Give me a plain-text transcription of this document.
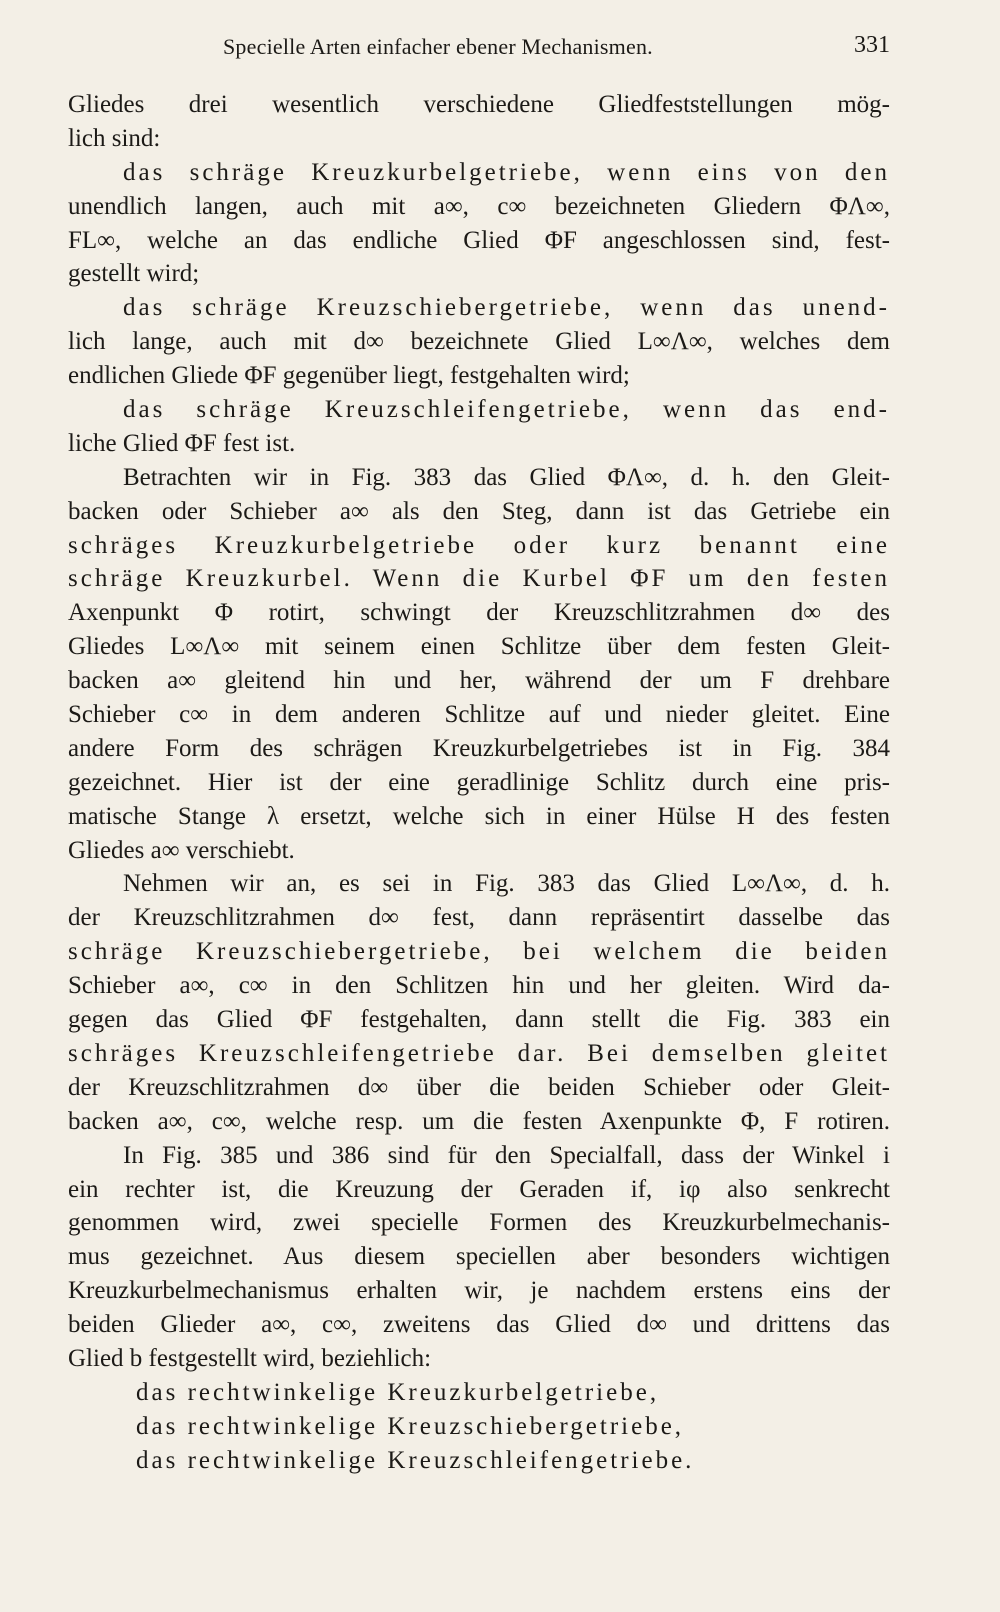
Specielle Arten einfacher ebener Mechanismen.	331
Gliedes drei wesentlich verschiedene Gliedfeststellungen mög-
lich sind:
das schräge Kreuzkurbelgetriebe, wenn eins von den
unendlich langen, auch mit a∞, c∞ bezeichneten Gliedern ΦΛ∞,
FL∞, welche an das endliche Glied ΦF angeschlossen sind, fest-
gestellt wird;
das schräge Kreuzschiebergetriebe, wenn das unend-
lich lange, auch mit d∞ bezeichnete Glied L∞Λ∞, welches dem
endlichen Gliede ΦF gegenüber liegt, festgehalten wird;
das schräge Kreuzschleifengetriebe, wenn das end-
liche Glied ΦF fest ist.
Betrachten wir in Fig. 383 das Glied ΦΛ∞, d. h. den Gleit-
backen oder Schieber a∞ als den Steg, dann ist das Getriebe ein
schräges Kreuzkurbelgetriebe oder kurz benannt eine
schräge Kreuzkurbel. Wenn die Kurbel ΦF um den festen
Axenpunkt Φ rotirt, schwingt der Kreuzschlitzrahmen d∞ des
Gliedes L∞Λ∞ mit seinem einen Schlitze über dem festen Gleit-
backen a∞ gleitend hin und her, während der um F drehbare
Schieber c∞ in dem anderen Schlitze auf und nieder gleitet. Eine
andere Form des schrägen Kreuzkurbelgetriebes ist in Fig. 384
gezeichnet. Hier ist der eine geradlinige Schlitz durch eine pris-
matische Stange λ ersetzt, welche sich in einer Hülse H des festen
Gliedes a∞ verschiebt.
Nehmen wir an, es sei in Fig. 383 das Glied L∞Λ∞, d. h.
der Kreuzschlitzrahmen d∞ fest, dann repräsentirt dasselbe das
schräge Kreuzschiebergetriebe, bei welchem die beiden
Schieber a∞, c∞ in den Schlitzen hin und her gleiten. Wird da-
gegen das Glied ΦF festgehalten, dann stellt die Fig. 383 ein
schräges Kreuzschleifengetriebe dar. Bei demselben gleitet
der Kreuzschlitzrahmen d∞ über die beiden Schieber oder Gleit-
backen a∞, c∞, welche resp. um die festen Axenpunkte Φ, F rotiren.
In Fig. 385 und 386 sind für den Specialfall, dass der Winkel i
ein rechter ist, die Kreuzung der Geraden if, iφ also senkrecht
genommen wird, zwei specielle Formen des Kreuzkurbelmechanis-
mus gezeichnet. Aus diesem speciellen aber besonders wichtigen
Kreuzkurbelmechanismus erhalten wir, je nachdem erstens eins der
beiden Glieder a∞, c∞, zweitens das Glied d∞ und drittens das
Glied b festgestellt wird, beziehlich:
das rechtwinkelige Kreuzkurbelgetriebe,
das rechtwinkelige Kreuzschiebergetriebe,
das rechtwinkelige Kreuzschleifengetriebe.
